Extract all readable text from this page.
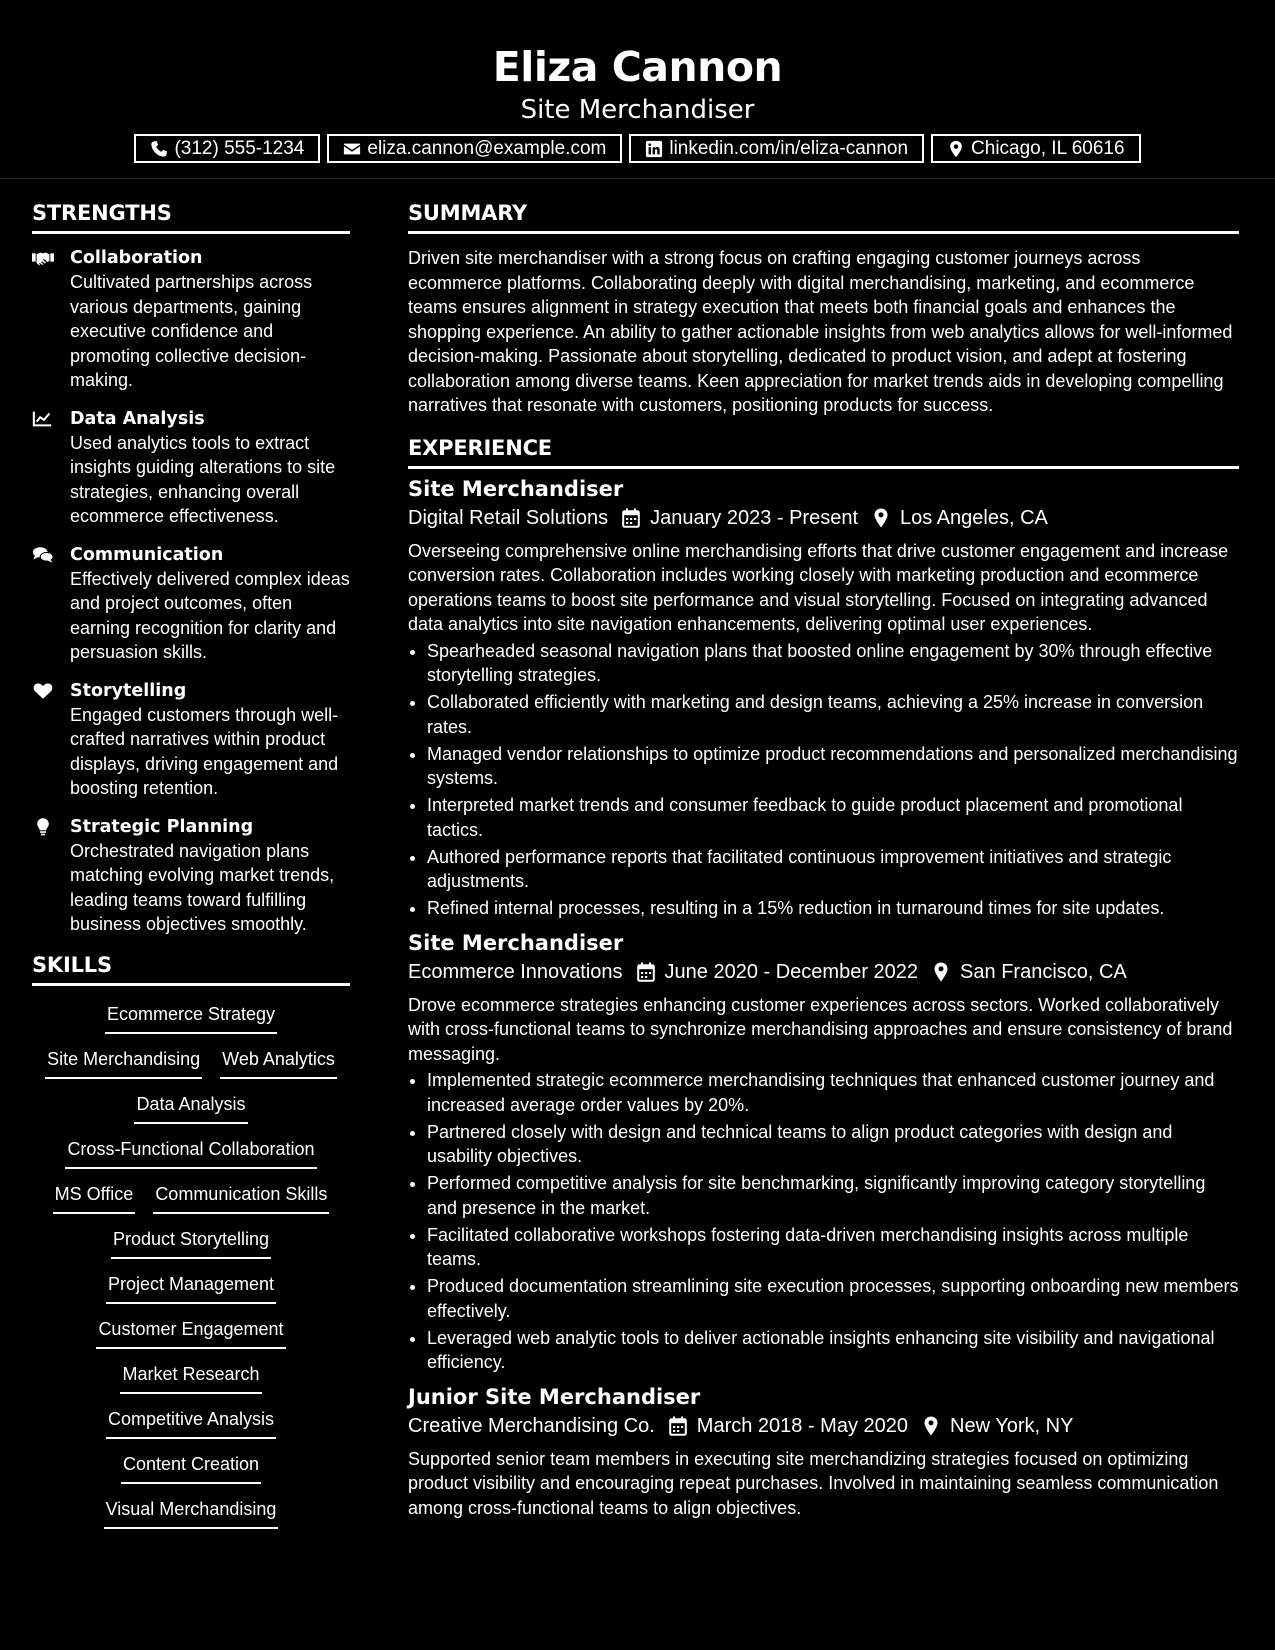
Eliza Cannon
Site Merchandiser
(312) 555-1234	eliza.cannon@example.com	linkedin.com/in/eliza-cannon	Chicago, IL 60616
STRENGTHS
Collaboration
Cultivated partnerships across various departments, gaining executive confidence and promoting collective decision-making.
Data Analysis
Used analytics tools to extract insights guiding alterations to site strategies, enhancing overall ecommerce effectiveness.
Communication
Effectively delivered complex ideas and project outcomes, often earning recognition for clarity and persuasion skills.
Storytelling
Engaged customers through well-crafted narratives within product displays, driving engagement and boosting retention.
Strategic Planning
Orchestrated navigation plans matching evolving market trends, leading teams toward fulfilling business objectives smoothly.
SKILLS
Ecommerce Strategy
Site Merchandising Web Analytics
Data Analysis
Cross-Functional Collaboration
MS Office Communication Skills
Product Storytelling
Project Management
Customer Engagement
Market Research
Competitive Analysis
Content Creation
Visual Merchandising
SUMMARY

Driven site merchandiser with a strong focus on crafting engaging customer journeys across ecommerce platforms. Collaborating deeply with digital merchandising, marketing, and ecommerce teams ensures alignment in strategy execution that meets both financial goals and enhances the shopping experience. An ability to gather actionable insights from web analytics allows for well-informed decision-making. Passionate about storytelling, dedicated to product vision, and adept at fostering collaboration among diverse teams. Keen appreciation for market trends aids in developing compelling narratives that resonate with customers, positioning products for success.

EXPERIENCE
Site Merchandiser
Digital Retail Solutions January 2023 - Present Los Angeles, CA

Overseeing comprehensive online merchandising efforts that drive customer engagement and increase conversion rates. Collaboration includes working closely with marketing production and ecommerce operations teams to boost site performance and visual storytelling. Focused on integrating advanced data analytics into site navigation enhancements, delivering optimal user experiences.

• Spearheaded seasonal navigation plans that boosted online engagement by 30% through effective storytelling strategies.
• Collaborated efficiently with marketing and design teams, achieving a 25% increase in conversion rates.
• Managed vendor relationships to optimize product recommendations and personalized merchandising systems.
• Interpreted market trends and consumer feedback to guide product placement and promotional tactics.
• Authored performance reports that facilitated continuous improvement initiatives and strategic adjustments.
• Refined internal processes, resulting in a 15% reduction in turnaround times for site updates.
Site Merchandiser
Ecommerce Innovations June 2020 - December 2022 San Francisco, CA

Drove ecommerce strategies enhancing customer experiences across sectors. Worked collaboratively with cross-functional teams to synchronize merchandising approaches and ensure consistency of brand messaging.

• Implemented strategic ecommerce merchandising techniques that enhanced customer journey and increased average order values by 20%.
• Partnered closely with design and technical teams to align product categories with design and usability objectives.
• Performed competitive analysis for site benchmarking, significantly improving category storytelling and presence in the market.
• Facilitated collaborative workshops fostering data-driven merchandising insights across multiple teams.
• Produced documentation streamlining site execution processes, supporting onboarding new members effectively.
• Leveraged web analytic tools to deliver actionable insights enhancing site visibility and navigational efficiency.
Junior Site Merchandiser
Creative Merchandising Co. March 2018 - May 2020 New York, NY

Supported senior team members in executing site merchandizing strategies focused on optimizing product visibility and encouraging repeat purchases. Involved in maintaining seamless communication among cross-functional teams to align objectives.
